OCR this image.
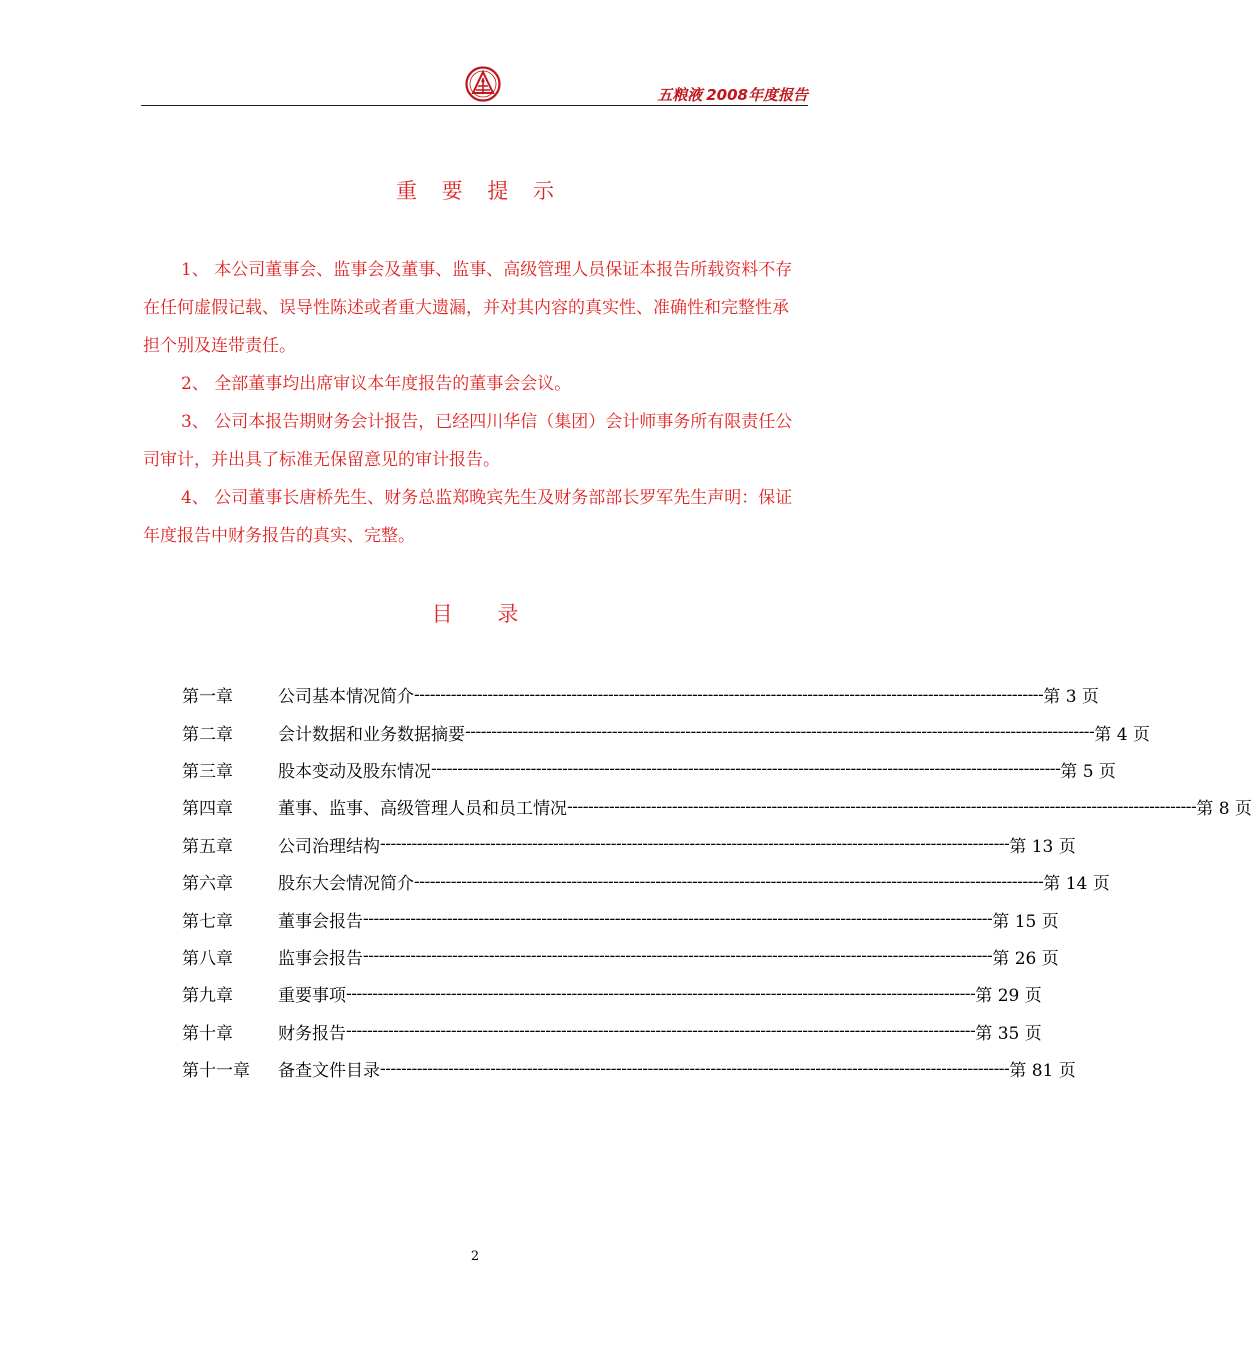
五粮液 2008年度报告
重 要 提 示

1、 本公司董事会、监事会及董事、监事、高级管理人员保证本报告所载资料不存在任何虚假记载、误导性陈述或者重大遗漏，并对其内容的真实性、准确性和完整性承担个别及连带责任。

2、 全部董事均出席审议本年度报告的董事会会议。

3、 公司本报告期财务会计报告，已经四川华信（集团）会计师事务所有限责任公司审计，并出具了标准无保留意见的审计报告。

4、 公司董事长唐桥先生、财务总监郑晚宾先生及财务部部长罗军先生声明：保证年度报告中财务报告的真实、完整。

目 录
第一章	公司基本情况简介 ------------------------------------------------------------------------------------------------------------------------ 第 3 页
第二章	会计数据和业务数据摘要 ------------------------------------------------------------------------------------------------------------------------ 第 4 页
第三章	股本变动及股东情况 ------------------------------------------------------------------------------------------------------------------------ 第 5 页
第四章	董事、监事、高级管理人员和员工情况 ------------------------------------------------------------------------------------------------------------------------ 第 8 页
第五章	公司治理结构 ------------------------------------------------------------------------------------------------------------------------ 第 13 页
第六章	股东大会情况简介 ------------------------------------------------------------------------------------------------------------------------ 第 14 页
第七章	董事会报告 ------------------------------------------------------------------------------------------------------------------------ 第 15 页
第八章	监事会报告 ------------------------------------------------------------------------------------------------------------------------ 第 26 页
第九章	重要事项 ------------------------------------------------------------------------------------------------------------------------ 第 29 页
第十章	财务报告 ------------------------------------------------------------------------------------------------------------------------ 第 35 页
第十一章	备查文件目录 ------------------------------------------------------------------------------------------------------------------------ 第 81 页
2
